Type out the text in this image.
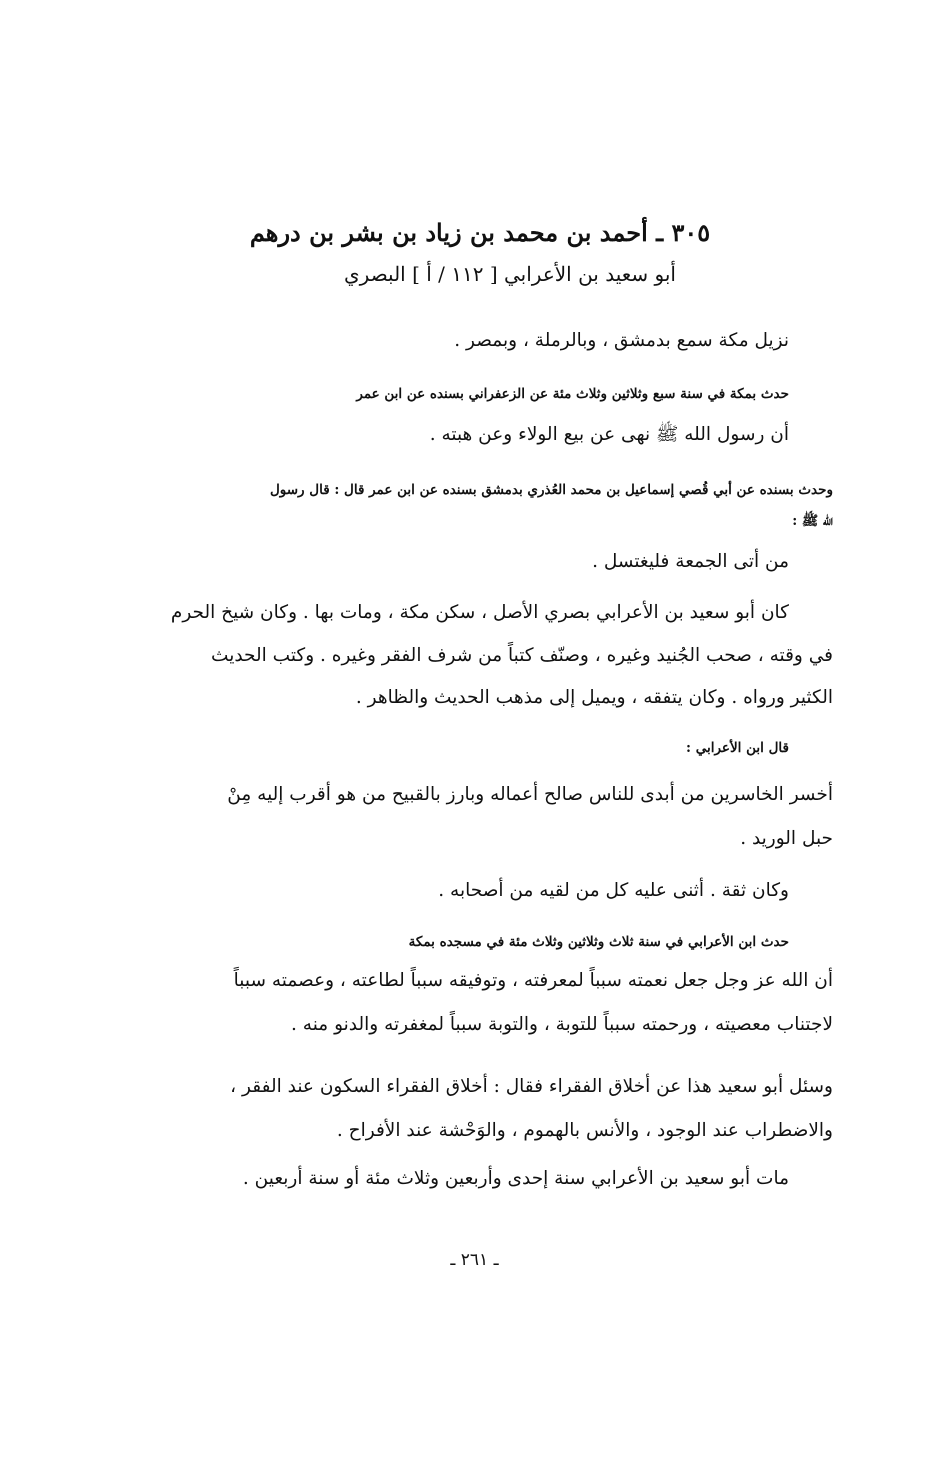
٣٠٥ ـ أحمد بن محمد بن زياد بن بشر بن درهم

أبو سعيد بن الأعرابي [ ١١٢ / أ ] البصري

نزيل مكة سمع بدمشق ، وبالرملة ، وبمصر .

حدث بمكة في سنة سبع وثلاثين وثلاث مئة عن الزعفراني بسنده عن ابن عمر

أن رسول الله ﷺ نهى عن بيع الولاء وعن هبته .

وحدث بسنده عن أبي قُصي إسماعيل بن محمد العُذري بدمشق بسنده عن ابن عمر قال : قال رسول

الله ﷺ :

من أتى الجمعة فليغتسل .

كان أبو سعيد بن الأعرابي بصري الأصل ، سكن مكة ، ومات بها . وكان شيخ الحرم

في وقته ، صحب الجُنيد وغيره ، وصنّف كتباً من شرف الفقر وغيره . وكتب الحديث

الكثير ورواه . وكان يتفقه ، ويميل إلى مذهب الحديث والظاهر .

قال ابن الأعرابي :

أخسر الخاسرين من أبدى للناس صالح أعماله وبارز بالقبيح من هو أقرب إليه مِنْ

حبل الوريد .

وكان ثقة . أثنى عليه كل من لقيه من أصحابه .

حدث ابن الأعرابي في سنة ثلاث وثلاثين وثلاث مئة في مسجده بمكة

أن الله عز وجل جعل نعمته سبباً لمعرفته ، وتوفيقه سبباً لطاعته ، وعصمته سبباً

لاجتناب معصيته ، ورحمته سبباً للتوبة ، والتوبة سبباً لمغفرته والدنو منه .

وسئل أبو سعيد هذا عن أخلاق الفقراء فقال : أخلاق الفقراء السكون عند الفقر ،

والاضطراب عند الوجود ، والأنس بالهموم ، والوَحْشة عند الأفراح .

مات أبو سعيد بن الأعرابي سنة إحدى وأربعين وثلاث مئة أو سنة أربعين .

ـ ٢٦١ ـ
